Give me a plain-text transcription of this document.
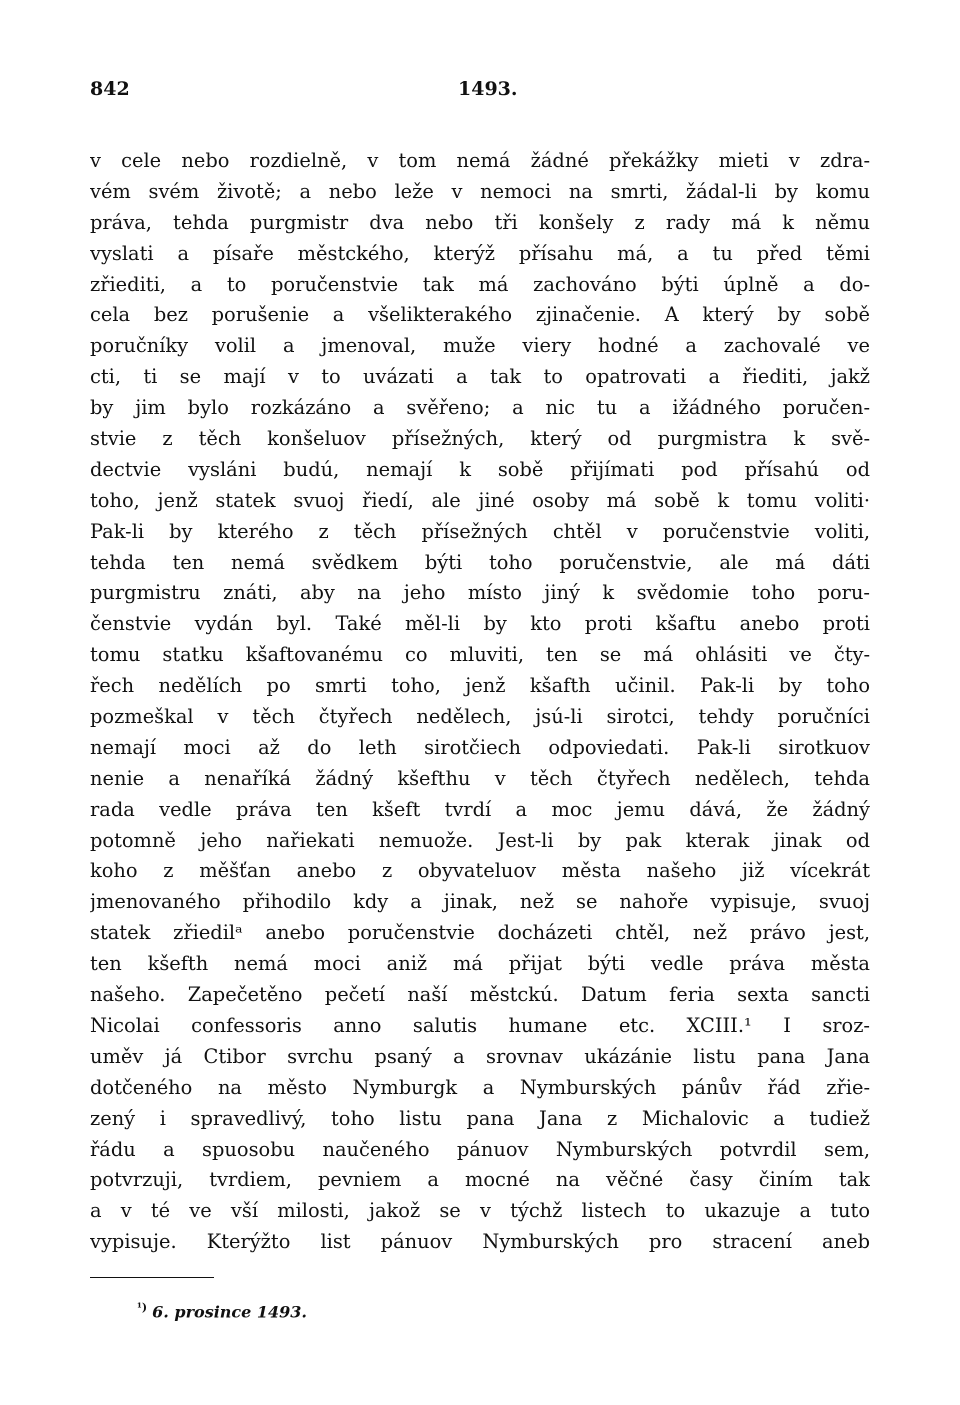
842	1493.
v cele nebo rozdielně, v tom nemá žádné překážky mieti v zdra-
vém svém životě; a nebo leže v nemoci na smrti, žádal-li by komu
práva, tehda purgmistr dva nebo tři konšely z rady má k němu
vyslati a písaře městckého, kterýž přísahu má, a tu před těmi
zřiediti, a to poručenstvie tak má zachováno býti úplně a do-
cela bez porušenie a všelikterakého zjinačenie. A který by sobě
poručníky volil a jmenoval, muže viery hodné a zachovalé ve
cti, ti se mají v to uvázati a tak to opatrovati a řiediti, jakž
by jim bylo rozkázáno a svěřeno; a nic tu a ižádného poručen-
stvie z těch konšeluov přísežných, který od purgmistra k svě-
dectvie vysláni budú, nemají k sobě přijímati pod přísahú od
toho, jenž statek svuoj řiedí, ale jiné osoby má sobě k tomu voliti·
Pak-li by kterého z těch přísežných chtěl v poručenstvie voliti,
tehda ten nemá svědkem býti toho poručenstvie, ale má dáti
purgmistru znáti, aby na jeho místo jiný k svědomie toho poru-
čenstvie vydán byl. Také měl-li by kto proti kšaftu anebo proti
tomu statku kšaftovanému co mluviti, ten se má ohlásiti ve čty-
řech nedělích po smrti toho, jenž kšafth učinil. Pak-li by toho
pozmeškal v těch čtyřech nedělech, jsú-li sirotci, tehdy poručníci
nemají moci až do leth sirotčiech odpoviedati. Pak-li sirotkuov
nenie a nenaříká žádný kšefthu v těch čtyřech nedělech, tehda
rada vedle práva ten kšeft tvrdí a moc jemu dává, že žádný
potomně jeho nařiekati nemuože. Jest-li by pak kterak jinak od
koho z měšťan anebo z obyvateluov města našeho již vícekrát
jmenovaného přihodilo kdy a jinak, než se nahoře vypisuje, svuoj
statek zřiedilᵃ anebo poručenstvie docházeti chtěl, než právo jest,
ten kšefth nemá moci aniž má přijat býti vedle práva města
našeho. Zapečetěno pečetí naší městckú. Datum feria sexta sancti
Nicolai confessoris anno salutis humane etc. XCIII.¹ I sroz-
uměv já Ctibor svrchu psaný a srovnav ukázánie listu pana Jana
dotčeného na město Nymburgk a Nymburských pánův řád zřie-
zený i spravedlivý, toho listu pana Jana z Michalovic a tudiež
řádu a spuosobu naučeného pánuov Nymburských potvrdil sem,
potvrzuji, tvrdiem, pevniem a mocné na věčné časy činím tak
a v té ve vší milosti, jakož se v týchž listech to ukazuje a tuto
vypisuje. Kterýžto list pánuov Nymburských pro stracení aneb
$^{^1)}$ 6. prosince 1493.
